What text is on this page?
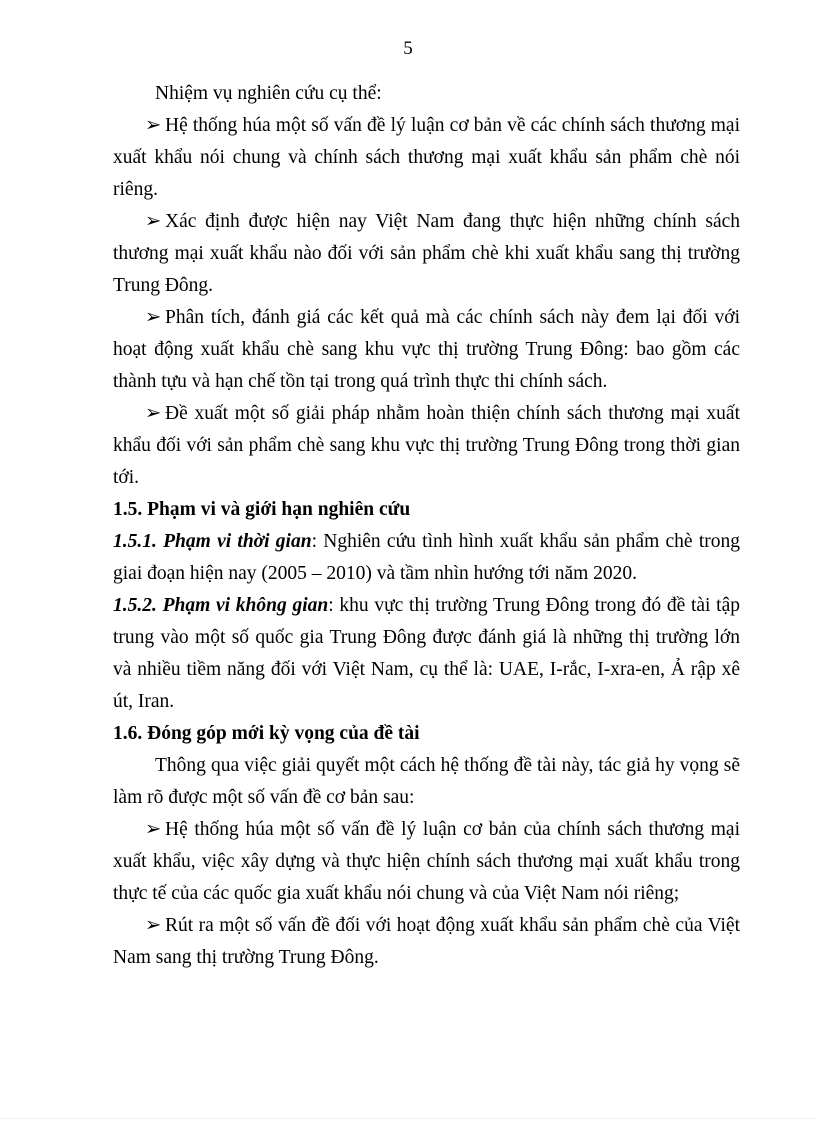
5

Nhiệm vụ nghiên cứu cụ thể:

➢ Hệ thống húa một số vấn đề lý luận cơ bản về các chính sách thương mại xuất khẩu nói chung và chính sách thương mại xuất khẩu sản phẩm chè nói riêng.

➢ Xác định được hiện nay Việt Nam đang thực hiện những chính sách thương mại xuất khẩu nào đối với sản phẩm chè khi xuất khẩu sang thị trường Trung Đông.

➢ Phân tích, đánh giá các kết quả mà các chính sách này đem lại đối với hoạt động xuất khẩu chè sang khu vực thị trường Trung Đông: bao gồm các thành tựu và hạn chế tồn tại trong quá trình thực thi chính sách.

➢ Đề xuất một số giải pháp nhằm hoàn thiện chính sách thương mại xuất khẩu đối với sản phẩm chè sang khu vực thị trường Trung Đông trong thời gian tới.

1.5. Phạm vi và giới hạn nghiên cứu

1.5.1. Phạm vi thời gian: Nghiên cứu tình hình xuất khẩu sản phẩm chè trong giai đoạn hiện nay (2005 – 2010) và tầm nhìn hướng tới năm 2020.

1.5.2. Phạm vi không gian: khu vực thị trường Trung Đông trong đó đề tài tập trung vào một số quốc gia Trung Đông được đánh giá là những thị trường lớn và nhiều tiềm năng đối với Việt Nam, cụ thể là: UAE, I-rắc, I-xra-en, Ả rập xê út, Iran.

1.6. Đóng góp mới kỳ vọng của đề tài

Thông qua việc giải quyết một cách hệ thống đề tài này, tác giả hy vọng sẽ làm rõ được một số vấn đề cơ bản sau:

➢ Hệ thống húa một số vấn đề lý luận cơ bản của chính sách thương mại xuất khẩu, việc xây dựng và thực hiện chính sách thương mại xuất khẩu trong thực tế của các quốc gia xuất khẩu nói chung và của Việt Nam nói riêng;

➢ Rút ra một số vấn đề đối với hoạt động xuất khẩu sản phẩm chè của Việt Nam sang thị trường Trung Đông.
